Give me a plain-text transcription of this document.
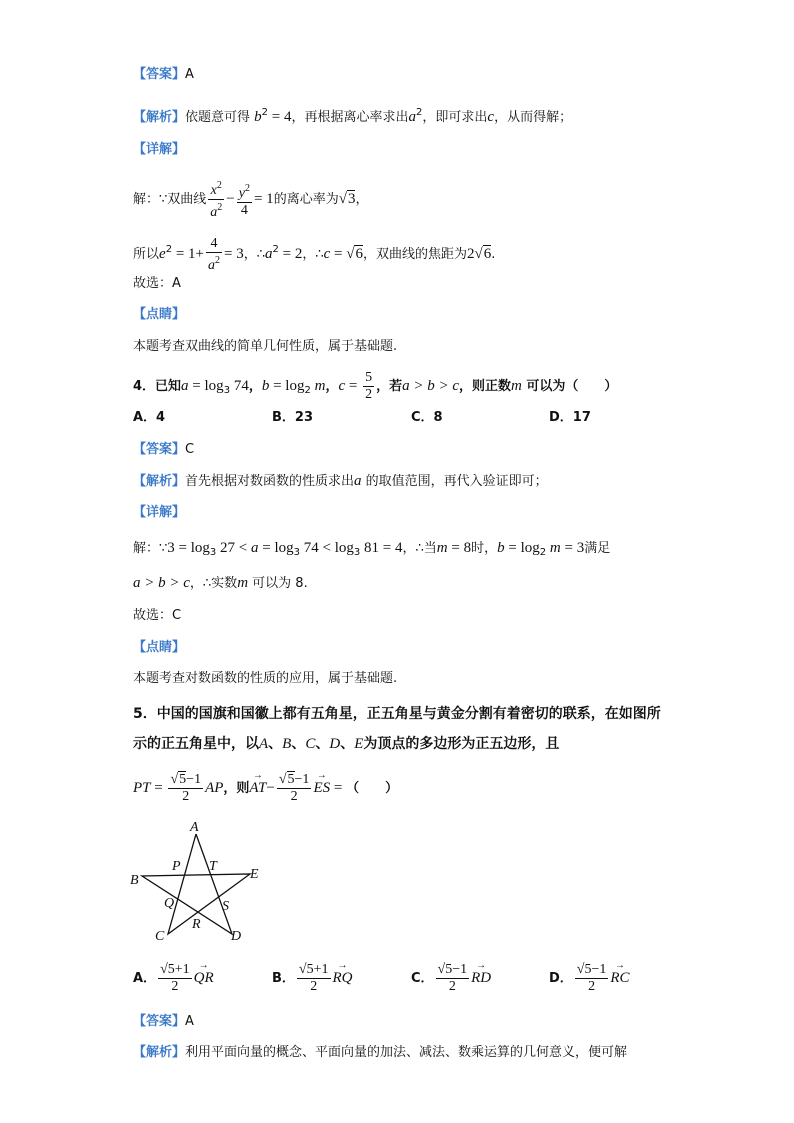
【答案】A
【解析】依题意可得 $b^2 = 4$，再根据离心率求出$a^2$，即可求出c，从而得解；
【详解】
解：∵双曲线 $\frac{x^2}{a^2} - \frac{y^2}{4} = 1$的离心率为√3，
所以$e^2 = 1+ \frac{4}{a^2} = 3$，$\therefore a^2 = 2$，∴c = √6，双曲线的焦距为2√6.
故选：A
【点睛】
本题考查双曲线的简单几何性质，属于基础题.
4．已知$a = \log_3 74$，$b = \log_2 m$，$c = \frac{5}{2}$ ，若a > b > c，则正数m 可以为（　　）
A．4	B．23	C．8	D．17
【答案】C
【解析】首先根据对数函数的性质求出a 的取值范围，再代入验证即可；
【详解】
解：∵3 = $\log_3 27 < a = \log_3 74 < \log_3 81 = 4$，∴当m = 8时，$b = \log_2 m = 3$满足
a > b > c，∴实数m 可以为 8.
故选：C
【点睛】
本题考查对数函数的性质的应用，属于基础题.
5．中国的国旗和国徽上都有五角星，正五角星与黄金分割有着密切的联系，在如图所
示的正五角星中，以A、B、C、D、E为顶点的多边形为正五边形，且
PT = $\frac{√5-1}{2}$ AP，则→ $AT- \frac{√5-1}{2}$ → ES = （　　）
A
B
C	D
E
P T
Q	S
R
A． $\frac{√5+1}{2}$ → QR	B． $\frac{√5+1}{2}$ → RQ	C． $\frac{√5-1}{2}$ → RD	D． $\frac{√5-1}{2}$ → RC
【答案】A
【解析】利用平面向量的概念、平面向量的加法、减法、数乘运算的几何意义，便可解
